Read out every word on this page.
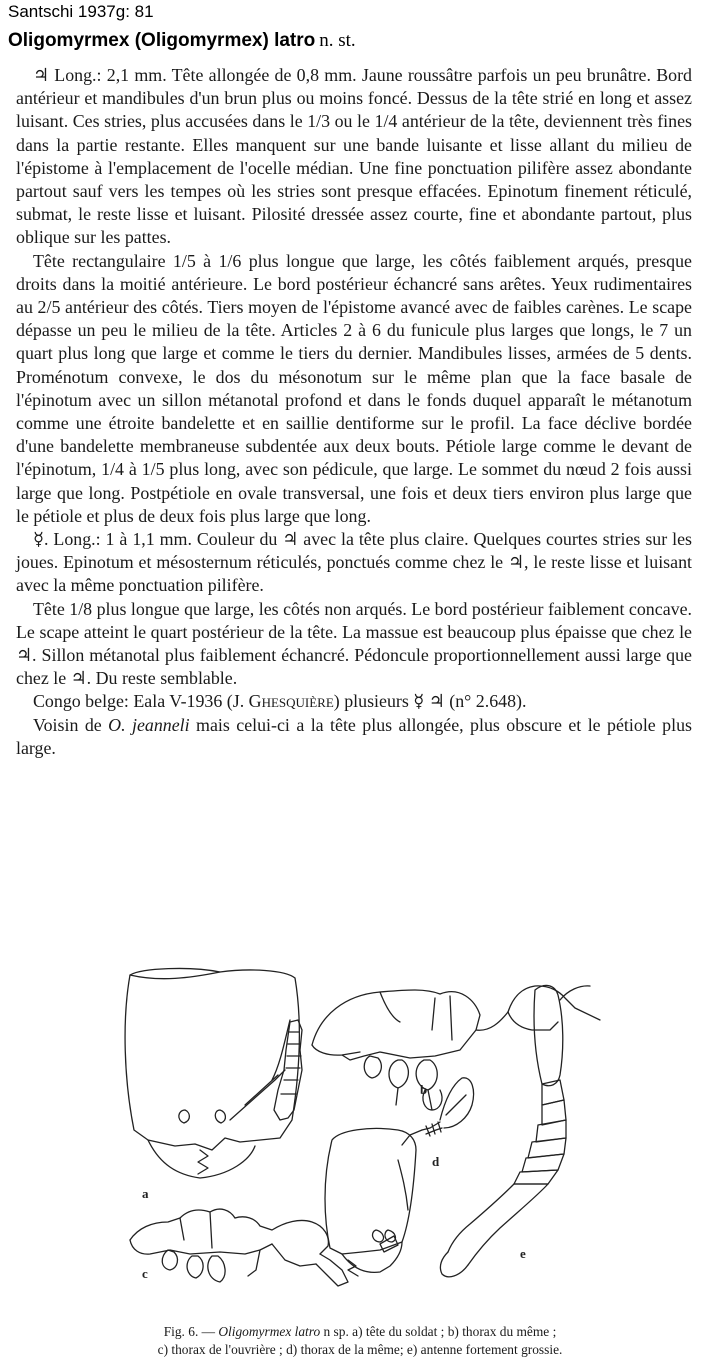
Santschi 1937g: 81
Oligomyrmex (Oligomyrmex) latro n. st.

♃ Long.: 2,1 mm. Tête allongée de 0,8 mm. Jaune roussâtre parfois un peu brunâtre. Bord antérieur et mandibules d'un brun plus ou moins foncé. Dessus de la tête strié en long et assez luisant. Ces stries, plus accusées dans le 1/3 ou le 1/4 antérieur de la tête, deviennent très fines dans la partie restante. Elles manquent sur une bande luisante et lisse allant du milieu de l'épistome à l'emplacement de l'ocelle médian. Une fine ponctuation pilifère assez abondante partout sauf vers les tempes où les stries sont presque effacées. Epinotum finement réticulé, submat, le reste lisse et luisant. Pilosité dressée assez courte, fine et abondante partout, plus oblique sur les pattes.

Tête rectangulaire 1/5 à 1/6 plus longue que large, les côtés faiblement arqués, presque droits dans la moitié antérieure. Le bord postérieur échancré sans arêtes. Yeux rudimentaires au 2/5 antérieur des côtés. Tiers moyen de l'épistome avancé avec de faibles carènes. Le scape dépasse un peu le milieu de la tête. Articles 2 à 6 du funicule plus larges que longs, le 7 un quart plus long que large et comme le tiers du dernier. Mandibules lisses, armées de 5 dents. Proménotum convexe, le dos du mésonotum sur le même plan que la face basale de l'épinotum avec un sillon métanotal profond et dans le fonds duquel apparaît le métanotum comme une étroite bandelette et en saillie dentiforme sur le profil. La face déclive bordée d'une bandelette membraneuse subdentée aux deux bouts. Pétiole large comme le devant de l'épinotum, 1/4 à 1/5 plus long, avec son pédicule, que large. Le sommet du nœud 2 fois aussi large que long. Postpétiole en ovale transversal, une fois et deux tiers environ plus large que le pétiole et plus de deux fois plus large que long.

☿. Long.: 1 à 1,1 mm. Couleur du ♃ avec la tête plus claire. Quelques courtes stries sur les joues. Epinotum et mésosternum réticulés, ponctués comme chez le ♃, le reste lisse et luisant avec la même ponctuation pilifère.

Tête 1/8 plus longue que large, les côtés non arqués. Le bord postérieur faiblement concave. Le scape atteint le quart postérieur de la tête. La massue est beaucoup plus épaisse que chez le ♃. Sillon métanotal plus faiblement échancré. Pédoncule proportionnellement aussi large que chez le ♃. Du reste semblable.

Congo belge: Eala V-1936 (J. Ghesquière) plusieurs ☿ ♃ (n° 2.648).

Voisin de O. jeanneli mais celui-ci a la tête plus allongée, plus obscure et le pétiole plus large.

a
b
c
d
e
Fig. 6. — Oligomyrmex latro n sp. a) tête du soldat ; b) thorax du même ;
c) thorax de l'ouvrière ; d) thorax de la même; e) antenne fortement grossie.
